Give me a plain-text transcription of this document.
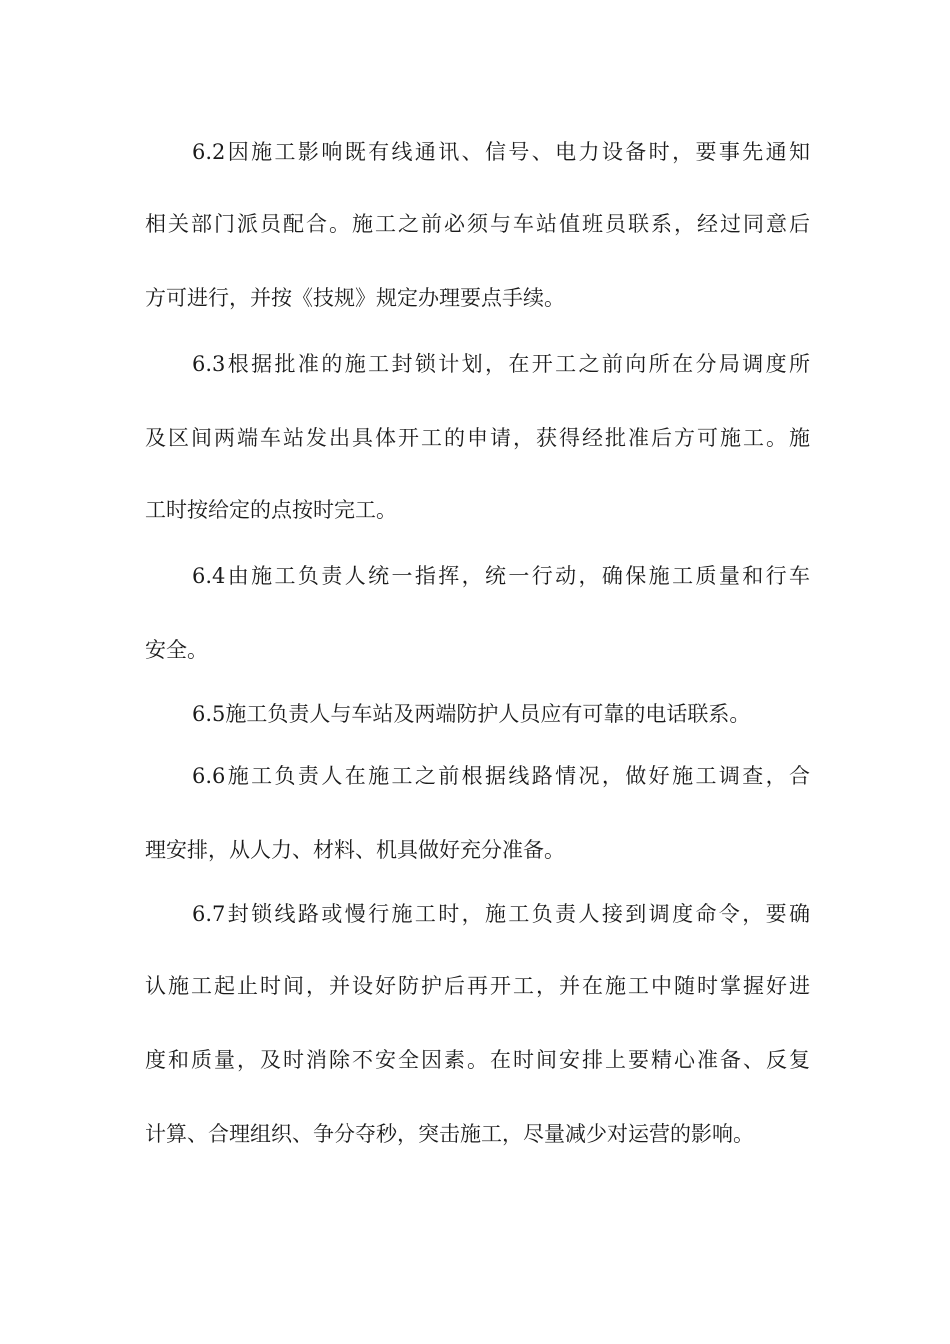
6.2因施工影响既有线通讯、信号、电力设备时，要事先通知
相关部门派员配合。施工之前必须与车站值班员联系，经过同意后
方可进行，并按《技规》规定办理要点手续。
6.3根据批准的施工封锁计划，在开工之前向所在分局调度所
及区间两端车站发出具体开工的申请，获得经批准后方可施工。施
工时按给定的点按时完工。
6.4由施工负责人统一指挥，统一行动，确保施工质量和行车
安全。
6.5施工负责人与车站及两端防护人员应有可靠的电话联系。
6.6施工负责人在施工之前根据线路情况，做好施工调查，合
理安排，从人力、材料、机具做好充分准备。
6.7封锁线路或慢行施工时，施工负责人接到调度命令，要确
认施工起止时间，并设好防护后再开工，并在施工中随时掌握好进
度和质量，及时消除不安全因素。在时间安排上要精心准备、反复
计算、合理组织、争分夺秒，突击施工，尽量减少对运营的影响。
